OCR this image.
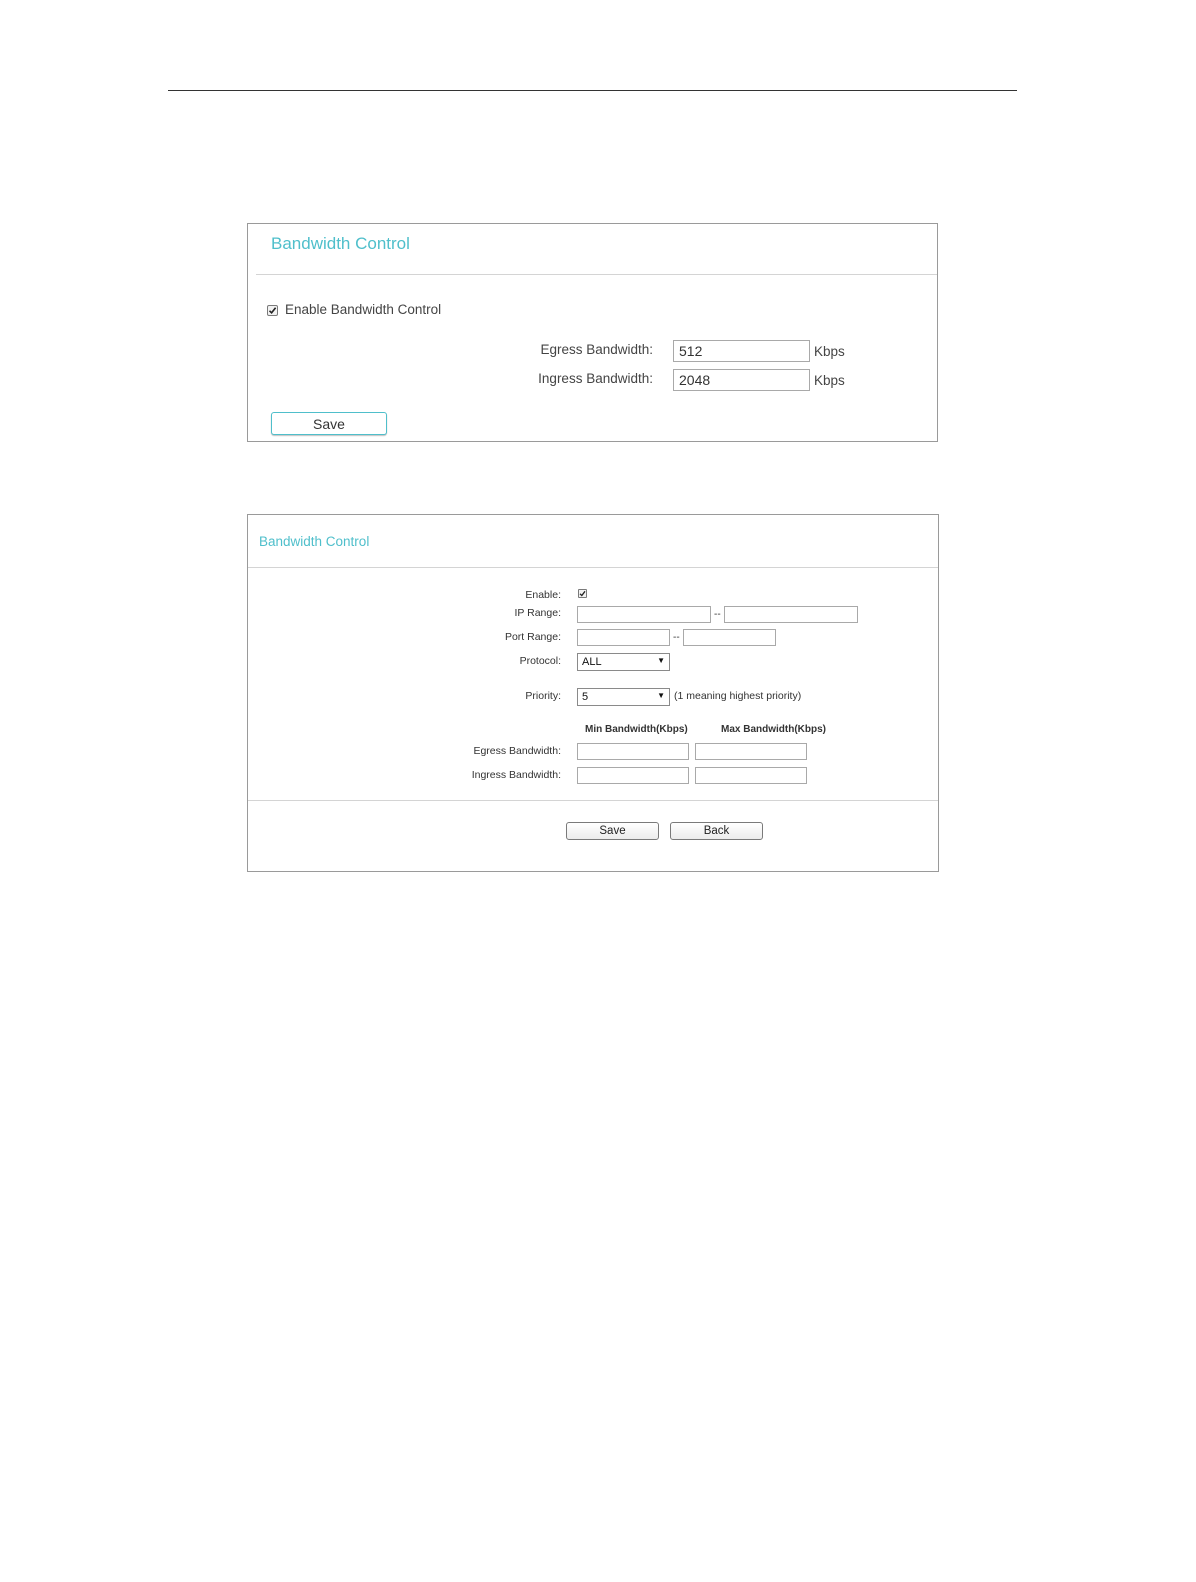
Bandwidth Control
Enable Bandwidth Control
Egress Bandwidth:
512	Kbps
Ingress Bandwidth:
2048	Kbps
Save
Bandwidth Control
Enable:
IP Range:	--
Port Range:	--
Protocol: ALL	▼
Priority: 5	▼ (1 meaning highest priority)
Min Bandwidth(Kbps)	Max Bandwidth(Kbps)
Egress Bandwidth:
Ingress Bandwidth:
Save	Back
